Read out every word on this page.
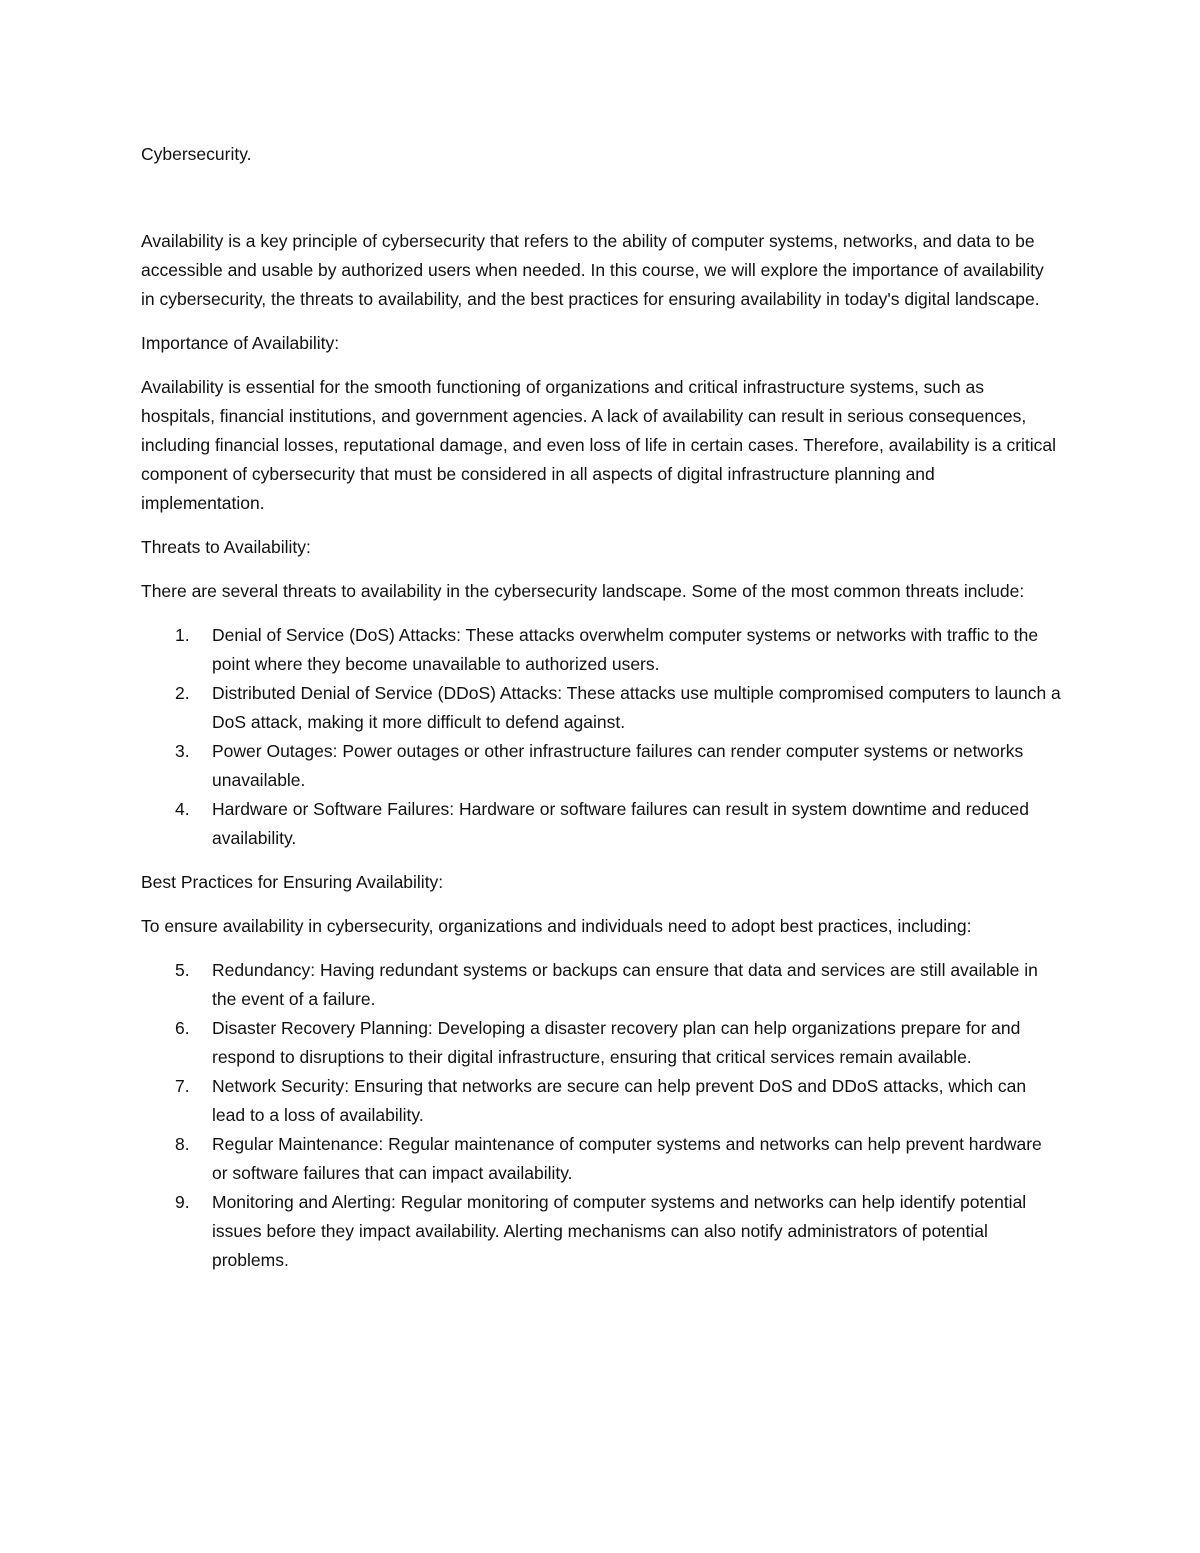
Cybersecurity.

Availability is a key principle of cybersecurity that refers to the ability of computer systems, networks, and data to be accessible and usable by authorized users when needed. In this course, we will explore the importance of availability in cybersecurity, the threats to availability, and the best practices for ensuring availability in today's digital landscape.

Importance of Availability:

Availability is essential for the smooth functioning of organizations and critical infrastructure systems, such as hospitals, financial institutions, and government agencies. A lack of availability can result in serious consequences, including financial losses, reputational damage, and even loss of life in certain cases. Therefore, availability is a critical component of cybersecurity that must be considered in all aspects of digital infrastructure planning and implementation.

Threats to Availability:

There are several threats to availability in the cybersecurity landscape. Some of the most common threats include:

1. Denial of Service (DoS) Attacks: These attacks overwhelm computer systems or networks with traffic to the point where they become unavailable to authorized users.
2. Distributed Denial of Service (DDoS) Attacks: These attacks use multiple compromised computers to launch a DoS attack, making it more difficult to defend against.
3. Power Outages: Power outages or other infrastructure failures can render computer systems or networks unavailable.
4. Hardware or Software Failures: Hardware or software failures can result in system downtime and reduced availability.
Best Practices for Ensuring Availability:

To ensure availability in cybersecurity, organizations and individuals need to adopt best practices, including:

5. Redundancy: Having redundant systems or backups can ensure that data and services are still available in the event of a failure.
6. Disaster Recovery Planning: Developing a disaster recovery plan can help organizations prepare for and respond to disruptions to their digital infrastructure, ensuring that critical services remain available.
7. Network Security: Ensuring that networks are secure can help prevent DoS and DDoS attacks, which can lead to a loss of availability.
8. Regular Maintenance: Regular maintenance of computer systems and networks can help prevent hardware or software failures that can impact availability.
9. Monitoring and Alerting: Regular monitoring of computer systems and networks can help identify potential issues before they impact availability. Alerting mechanisms can also notify administrators of potential problems.
